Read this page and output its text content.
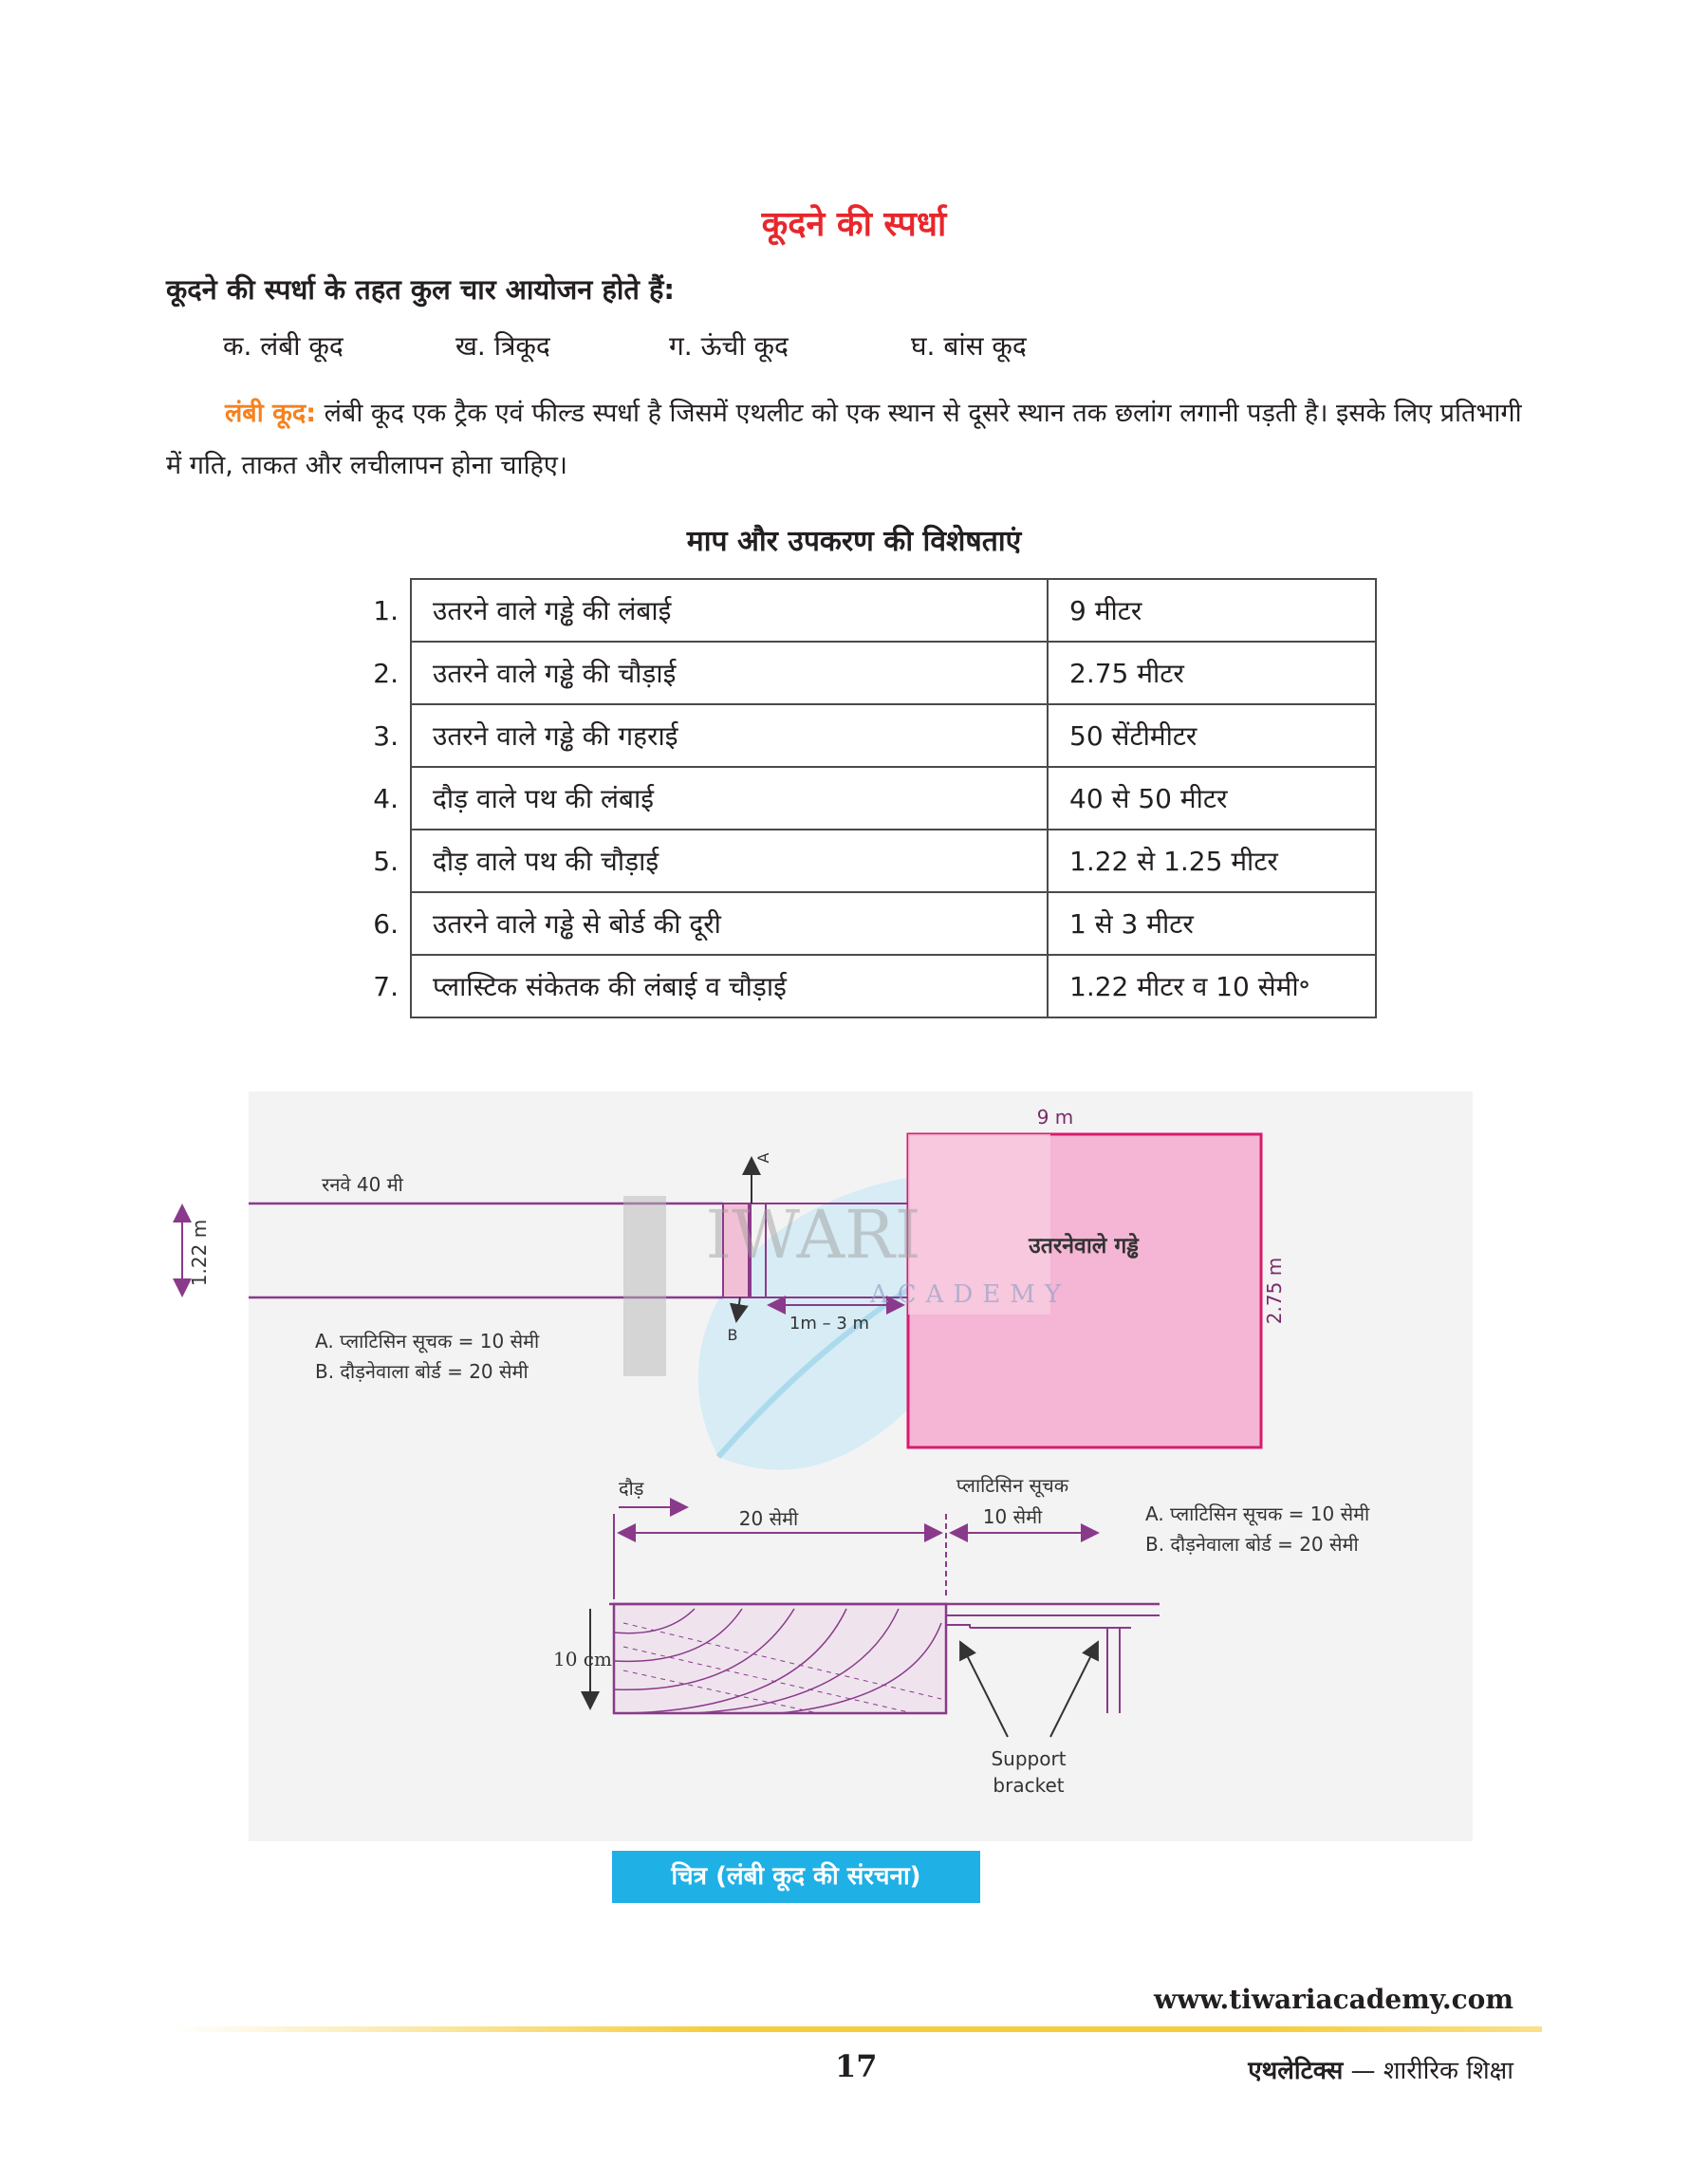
कूदने की स्पर्धा
कूदने की स्पर्धा के तहत कुल चार आयोजन होते हैं:
क. लंबी कूद	ख. त्रिकूद	ग. ऊंची कूद	घ. बांस कूद
लंबी कूद: लंबी कूद एक ट्रैक एवं फील्ड स्पर्धा है जिसमें एथलीट को एक स्थान से दूसरे स्थान तक छलांग लगानी पड़ती है। इसके लिए प्रतिभागी में गति, ताकत और लचीलापन होना चाहिए।
माप और उपकरण की विशेषताएं
1.	उतरने वाले गड्ढे की लंबाई	9 मीटर
2.	उतरने वाले गड्ढे की चौड़ाई	2.75 मीटर
3.	उतरने वाले गड्ढे की गहराई	50 सेंटीमीटर
4.	दौड़ वाले पथ की लंबाई	40 से 50 मीटर
5.	दौड़ वाले पथ की चौड़ाई	1.22 से 1.25 मीटर
6.	उतरने वाले गड्ढे से बोर्ड की दूरी	1 से 3 मीटर
7.	प्लास्टिक संकेतक की लंबाई व चौड़ाई	1.22 मीटर व 10 सेमी॰
9 m
उतरनेवाले गड्ढे
2.75 m
रनवे 40 मी
1.22 m
A
B
1m – 3 m
IWARI
ACADEMY
A. प्लाटिसिन सूचक = 10 सेमी
B. दौड़नेवाला बोर्ड = 20 सेमी
दौड़
20 सेमी
प्लाटिसिन सूचक
10 सेमी	A. प्लाटिसिन सूचक = 10 सेमी
B. दौड़नेवाला बोर्ड = 20 सेमी
10 cm
Support
bracket
चित्र (लंबी कूद की संरचना)
www.tiwariacademy.com
17	एथलेटिक्स — शारीरिक शिक्षा
